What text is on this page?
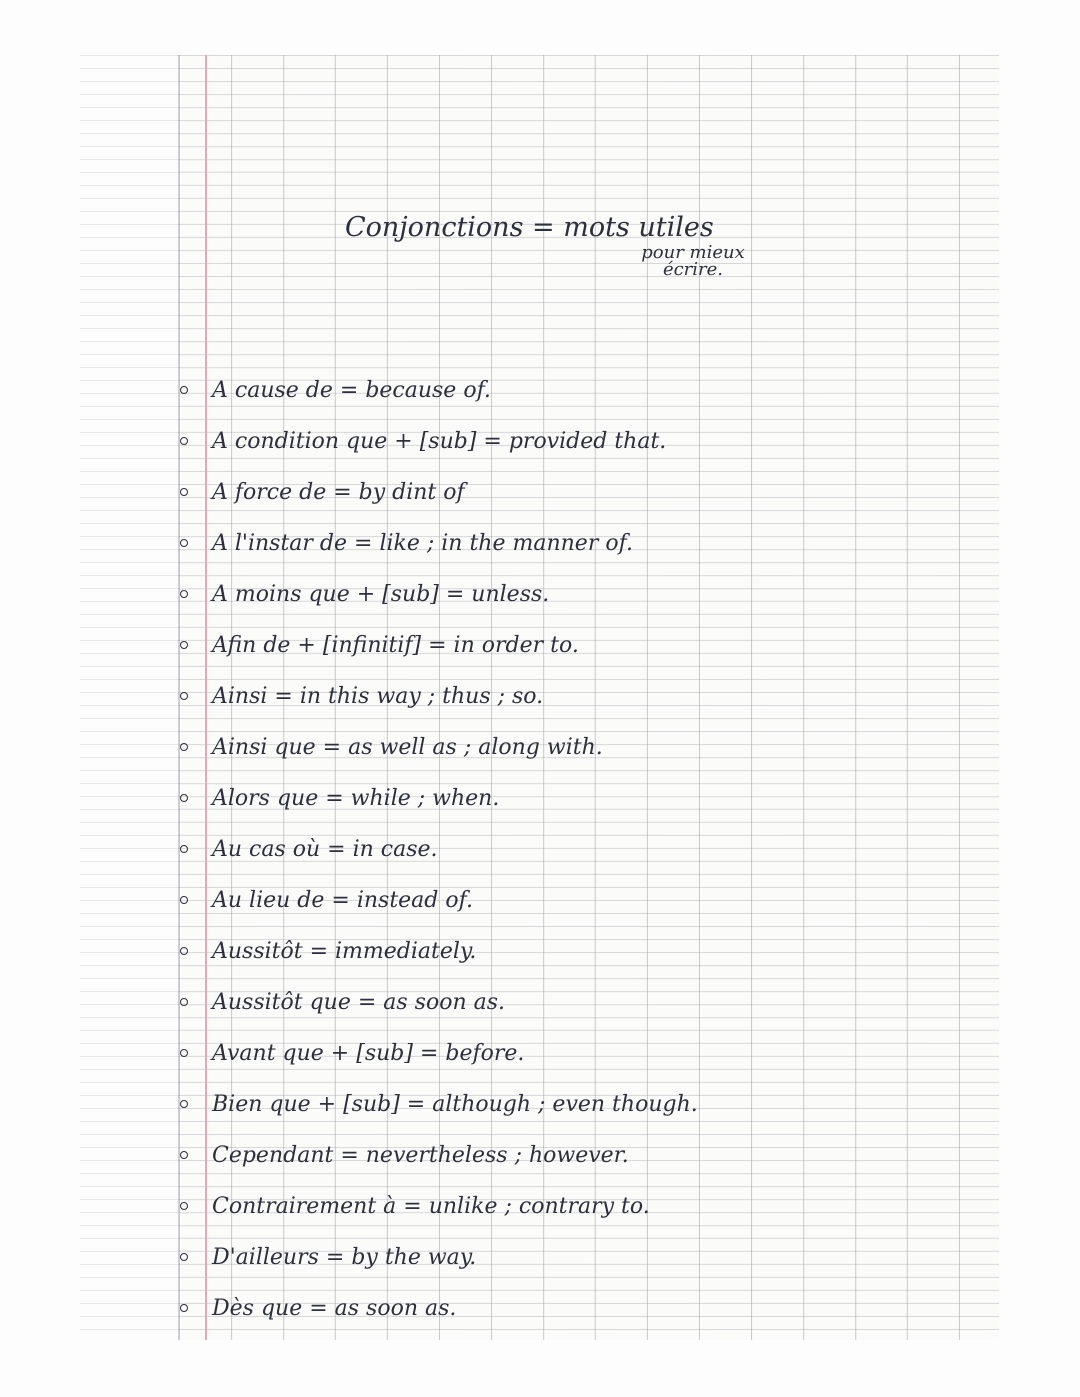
Conjonctions = mots utiles
pour mieux
écrire.
A cause de = because of.
A condition que + [sub] = provided that.
A force de = by dint of
A l'instar de = like ; in the manner of.
A moins que + [sub] = unless.
Afin de + [infinitif] = in order to.
Ainsi = in this way ; thus ; so.
Ainsi que = as well as ; along with.
Alors que = while ; when.
Au cas où = in case.
Au lieu de = instead of.
Aussitôt = immediately.
Aussitôt que = as soon as.
Avant que + [sub] = before.
Bien que + [sub] = although ; even though.
Cependant = nevertheless ; however.
Contrairement à = unlike ; contrary to.
D'ailleurs = by the way.
Dès que = as soon as.
